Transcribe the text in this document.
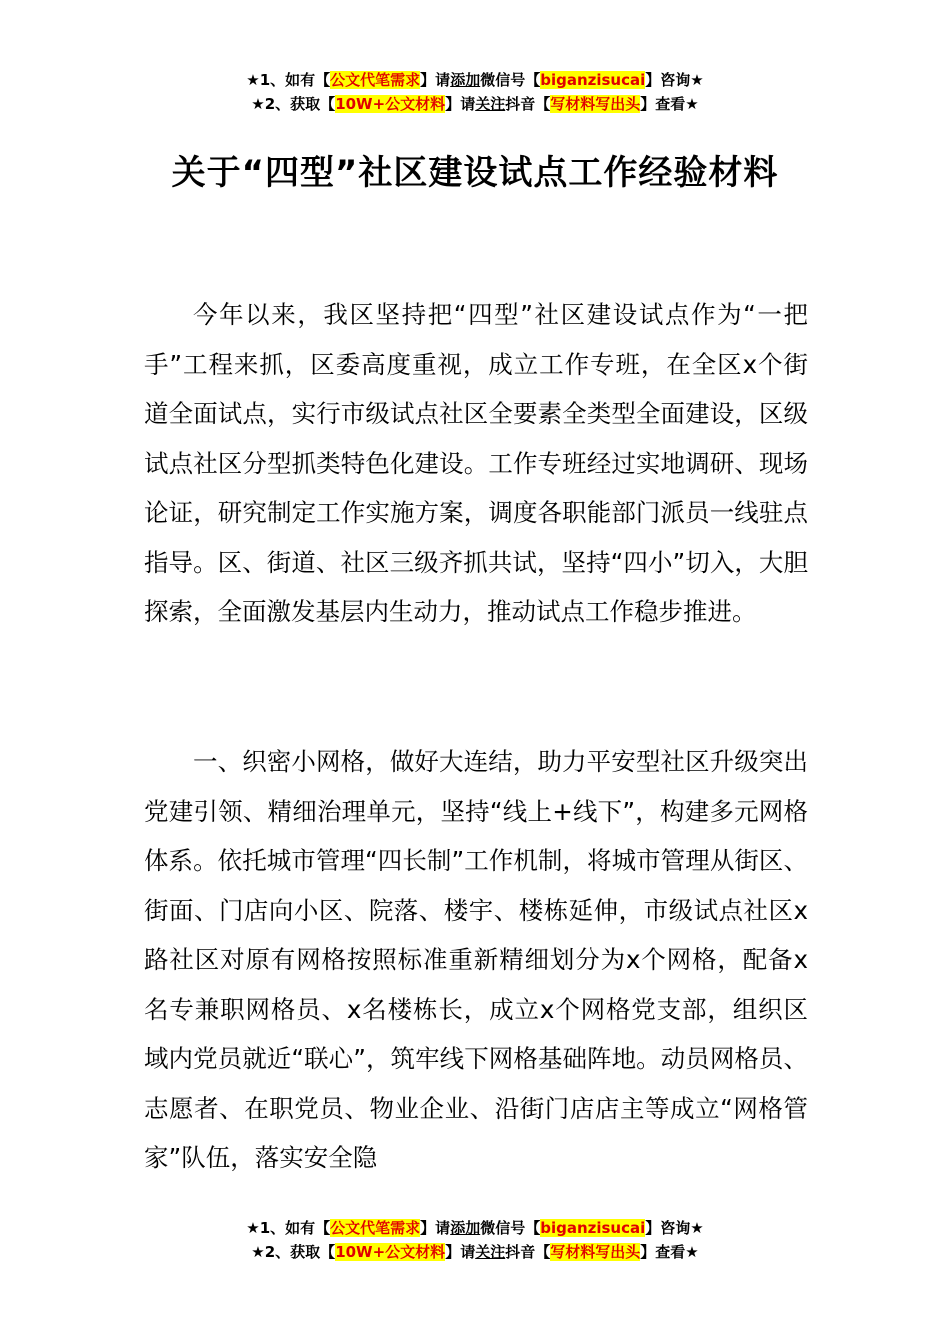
★1、如有【公文代笔需求】请添加微信号【biganzisucai】咨询★
★2、获取【10W+公文材料】请关注抖音【写材料写出头】查看★
关于“四型”社区建设试点工作经验材料

今年以来，我区坚持把“四型”社区建设试点作为“一把手”工程来抓，区委高度重视，成立工作专班，在全区x个街道全面试点，实行市级试点社区全要素全类型全面建设，区级试点社区分型抓类特色化建设。工作专班经过实地调研、现场论证，研究制定工作实施方案，调度各职能部门派员一线驻点指导。区、街道、社区三级齐抓共试，坚持“四小”切入，大胆探索，全面激发基层内生动力，推动试点工作稳步推进。

一、织密小网格，做好大连结，助力平安型社区升级突出党建引领、精细治理单元，坚持“线上+线下”，构建多元网格体系。依托城市管理“四长制”工作机制，将城市管理从街区、街面、门店向小区、院落、楼宇、楼栋延伸，市级试点社区x路社区对原有网格按照标准重新精细划分为x个网格，配备x名专兼职网格员、x名楼栋长，成立x个网格党支部，组织区域内党员就近“联心”，筑牢线下网格基础阵地。动员网格员、志愿者、在职党员、物业企业、沿街门店店主等成立“网格管家”队伍，落实安全隐

★1、如有【公文代笔需求】请添加微信号【biganzisucai】咨询★
★2、获取【10W+公文材料】请关注抖音【写材料写出头】查看★
